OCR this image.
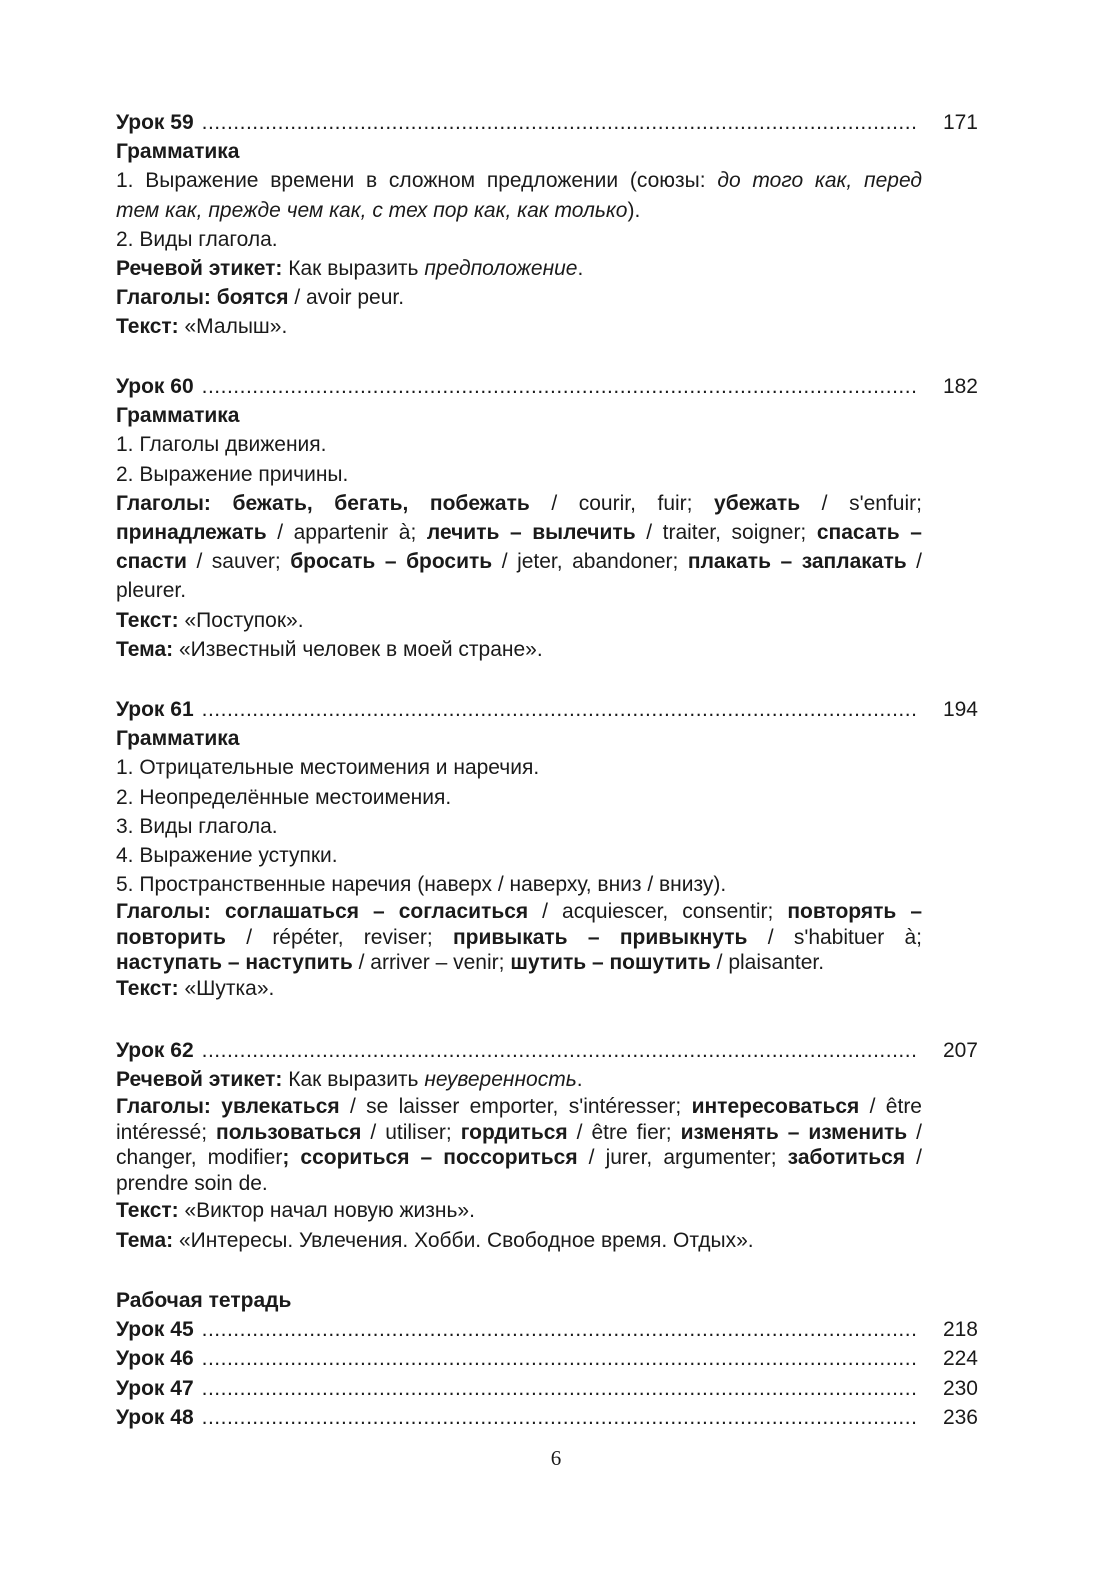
Урок 59 .....	171
Грамматика
1. Выражение времени в сложном предложении (союзы: до того как, перед
тем как, прежде чем как, с тех пор как, как только).
2. Виды глагола.
Речевой этикет: Как выразить предположение.
Глаголы: боятся / avoir peur.
Текст: «Малыш».
Урок 60 .....	182
Грамматика
1. Глаголы движения.
2. Выражение причины.
Глаголы: бежать, бегать, побежать / courir, fuir; убежать / s'enfuir;
принадлежать / appartenir à; лечить – вылечить / traiter, soigner; спасать –
спасти / sauver; бросать – бросить / jeter, abandoner; плакать – заплакать /
pleurer.
Текст: «Поступок».
Тема: «Известный человек в моей стране».
Урок 61 .....	194
Грамматика
1. Отрицательные местоимения и наречия.
2. Неопределённые местоимения.
3. Виды глагола.
4. Выражение уступки.
5. Пространственные наречия (наверх / наверху, вниз / внизу).
Глаголы: соглашаться – согласиться / acquiescer, consentir; повторять –
повторить / répéter, reviser; привыкать – привыкнуть / s'habituer à;
наступать – наступить / arriver – venir; шутить – пошутить / plaisanter.
Текст: «Шутка».
Урок 62 .....	207
Речевой этикет: Как выразить неуверенность.
Глаголы: увлекаться / se laisser emporter, s'intéresser; интересоваться / être
intéressé; пользоваться / utiliser; гордиться / être fier; изменять – изменить /
changer, modifier; ссориться – поссориться / jurer, argumenter; заботиться /
prendre soin de.
Текст: «Виктор начал новую жизнь».
Тема: «Интересы. Увлечения. Хобби. Свободное время. Отдых».
Рабочая тетрадь
Урок 45 .....	218
Урок 46 .....	224
Урок 47 .....	230
Урок 48 .....	236
6
